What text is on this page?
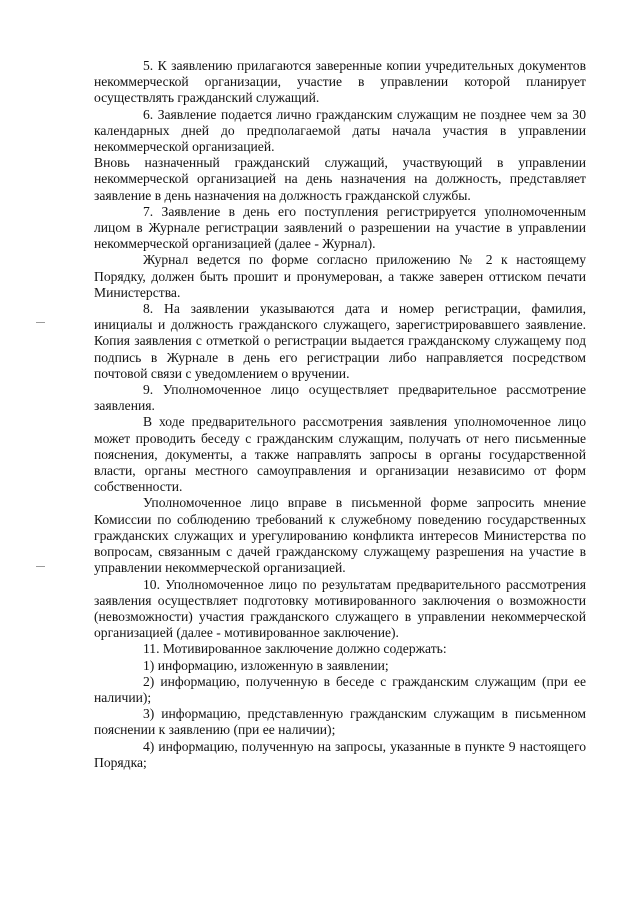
5. К заявлению прилагаются заверенные копии учредительных документов некоммерческой организации, участие в управлении которой планирует осуществлять гражданский служащий.

6. Заявление подается лично гражданским служащим не позднее чем за 30 календарных дней до предполагаемой даты начала участия в управлении некоммерческой организацией.

Вновь назначенный гражданский служащий, участвующий в управлении некоммерческой организацией на день назначения на должность, представляет заявление в день назначения на должность гражданской службы.

7. Заявление в день его поступления регистрируется уполномоченным лицом в Журнале регистрации заявлений о разрешении на участие в управлении некоммерческой организацией (далее - Журнал).

Журнал ведется по форме согласно приложению № 2 к настоящему Порядку, должен быть прошит и пронумерован, а также заверен оттиском печати Министерства.

8. На заявлении указываются дата и номер регистрации, фамилия, инициалы и должность гражданского служащего, зарегистрировавшего заявление. Копия заявления с отметкой о регистрации выдается гражданскому служащему под подпись в Журнале в день его регистрации либо направляется посредством почтовой связи с уведомлением о вручении.

9. Уполномоченное лицо осуществляет предварительное рассмотрение заявления.

В ходе предварительного рассмотрения заявления уполномоченное лицо может проводить беседу с гражданским служащим, получать от него письменные пояснения, документы, а также направлять запросы в органы государственной власти, органы местного самоуправления и организации независимо от форм собственности.

Уполномоченное лицо вправе в письменной форме запросить мнение Комиссии по соблюдению требований к служебному поведению государственных гражданских служащих и урегулированию конфликта интересов Министерства по вопросам, связанным с дачей гражданскому служащему разрешения на участие в управлении некоммерческой организацией.

10. Уполномоченное лицо по результатам предварительного рассмотрения заявления осуществляет подготовку мотивированного заключения о возможности (невозможности) участия гражданского служащего в управлении некоммерческой организацией (далее - мотивированное заключение).

11. Мотивированное заключение должно содержать:

1) информацию, изложенную в заявлении;

2) информацию, полученную в беседе с гражданским служащим (при ее наличии);

3) информацию, представленную гражданским служащим в письменном пояснении к заявлению (при ее наличии);

4) информацию, полученную на запросы, указанные в пункте 9 настоящего Порядка;
